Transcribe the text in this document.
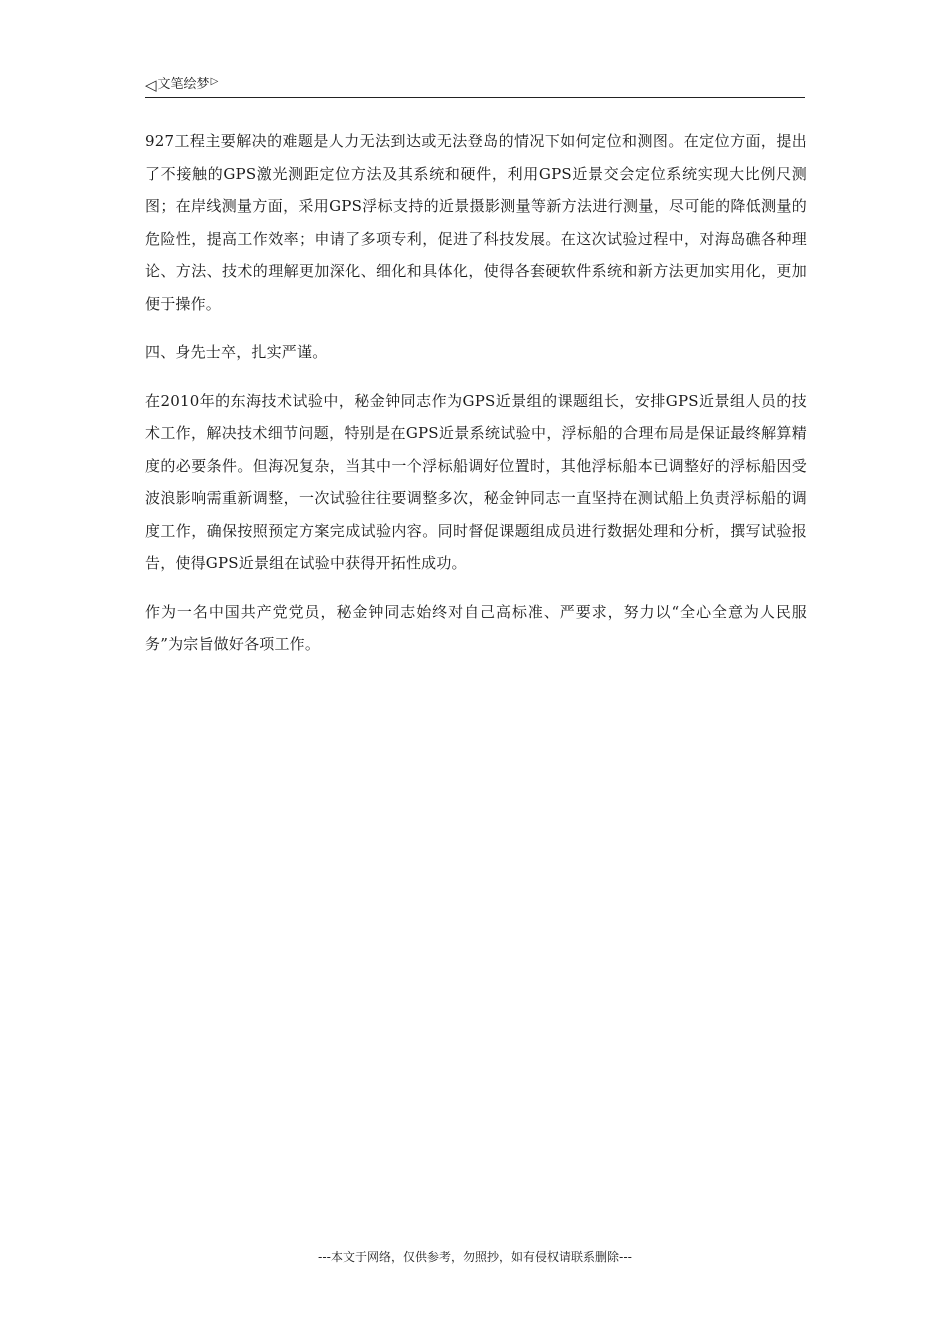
◁ 文笔绘梦 ▷

927工程主要解决的难题是人力无法到达或无法登岛的情况下如何定位和测图。在定位方面，提出了不接触的GPS激光测距定位方法及其系统和硬件，利用GPS近景交会定位系统实现大比例尺测图；在岸线测量方面，采用GPS浮标支持的近景摄影测量等新方法进行测量，尽可能的降低测量的危险性，提高工作效率；申请了多项专利，促进了科技发展。在这次试验过程中，对海岛礁各种理论、方法、技术的理解更加深化、细化和具体化，使得各套硬软件系统和新方法更加实用化，更加便于操作。

四、身先士卒，扎实严谨。

在2010年的东海技术试验中，秘金钟同志作为GPS近景组的课题组长，安排GPS近景组人员的技术工作，解决技术细节问题，特别是在GPS近景系统试验中，浮标船的合理布局是保证最终解算精度的必要条件。但海况复杂，当其中一个浮标船调好位置时，其他浮标船本已调整好的浮标船因受波浪影响需重新调整，一次试验往往要调整多次，秘金钟同志一直坚持在测试船上负责浮标船的调度工作，确保按照预定方案完成试验内容。同时督促课题组成员进行数据处理和分析，撰写试验报告，使得GPS近景组在试验中获得开拓性成功。

作为一名中国共产党党员，秘金钟同志始终对自己高标准、严要求，努力以“全心全意为人民服务”为宗旨做好各项工作。

---本文于网络，仅供参考，勿照抄，如有侵权请联系删除---
